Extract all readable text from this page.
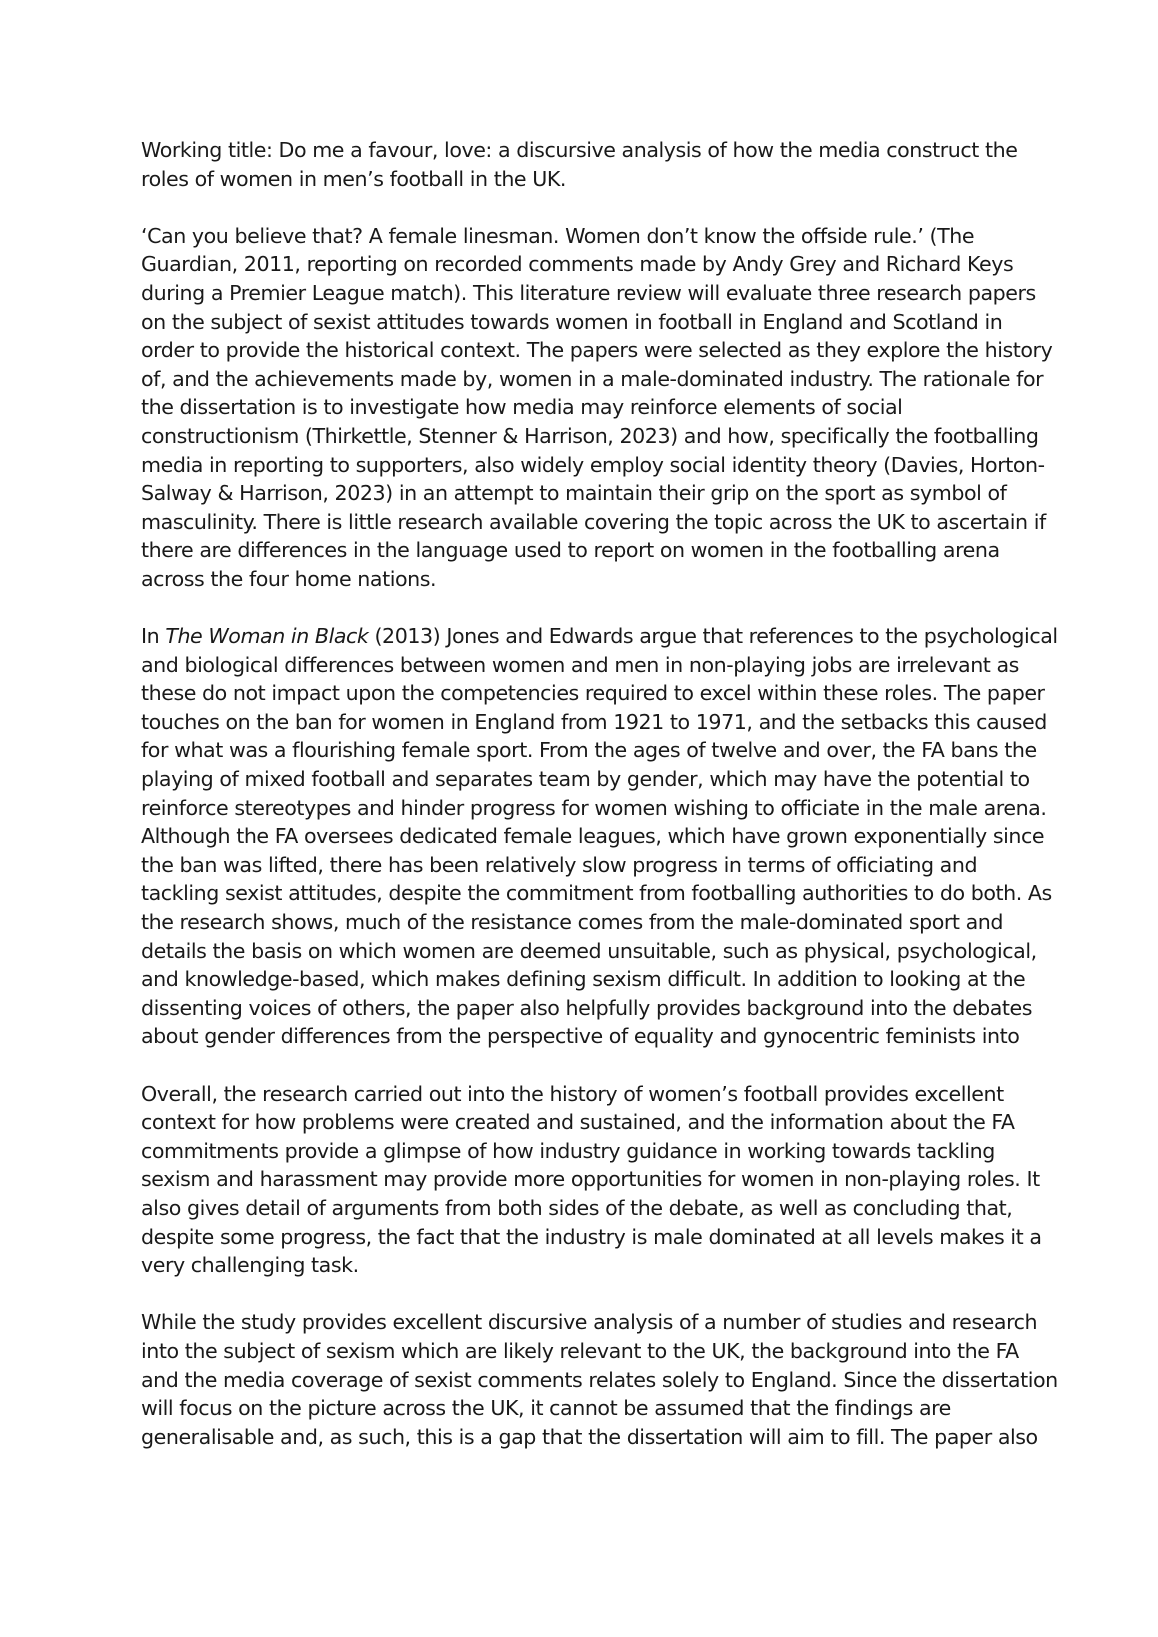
Working title: Do me a favour, love: a discursive analysis of how the media construct the
roles of women in men’s football in the UK.
‘Can you believe that? A female linesman. Women don’t know the offside rule.’ (The
Guardian, 2011, reporting on recorded comments made by Andy Grey and Richard Keys
during a Premier League match). This literature review will evaluate three research papers
on the subject of sexist attitudes towards women in football in England and Scotland in
order to provide the historical context. The papers were selected as they explore the history
of, and the achievements made by, women in a male-dominated industry. The rationale for
the dissertation is to investigate how media may reinforce elements of social
constructionism (Thirkettle, Stenner & Harrison, 2023) and how, specifically the footballing
media in reporting to supporters, also widely employ social identity theory (Davies, Horton-
Salway & Harrison, 2023) in an attempt to maintain their grip on the sport as symbol of
masculinity. There is little research available covering the topic across the UK to ascertain if
there are differences in the language used to report on women in the footballing arena
across the four home nations.
In The Woman in Black (2013) Jones and Edwards argue that references to the psychological
and biological differences between women and men in non-playing jobs are irrelevant as
these do not impact upon the competencies required to excel within these roles. The paper
touches on the ban for women in England from 1921 to 1971, and the setbacks this caused
for what was a flourishing female sport. From the ages of twelve and over, the FA bans the
playing of mixed football and separates team by gender, which may have the potential to
reinforce stereotypes and hinder progress for women wishing to officiate in the male arena.
Although the FA oversees dedicated female leagues, which have grown exponentially since
the ban was lifted, there has been relatively slow progress in terms of officiating and
tackling sexist attitudes, despite the commitment from footballing authorities to do both. As
the research shows, much of the resistance comes from the male-dominated sport and
details the basis on which women are deemed unsuitable, such as physical, psychological,
and knowledge-based, which makes defining sexism difficult. In addition to looking at the
dissenting voices of others, the paper also helpfully provides background into the debates
about gender differences from the perspective of equality and gynocentric feminists into
Overall, the research carried out into the history of women’s football provides excellent
context for how problems were created and sustained, and the information about the FA
commitments provide a glimpse of how industry guidance in working towards tackling
sexism and harassment may provide more opportunities for women in non-playing roles. It
also gives detail of arguments from both sides of the debate, as well as concluding that,
despite some progress, the fact that the industry is male dominated at all levels makes it a
very challenging task.
While the study provides excellent discursive analysis of a number of studies and research
into the subject of sexism which are likely relevant to the UK, the background into the FA
and the media coverage of sexist comments relates solely to England. Since the dissertation
will focus on the picture across the UK, it cannot be assumed that the findings are
generalisable and, as such, this is a gap that the dissertation will aim to fill. The paper also
